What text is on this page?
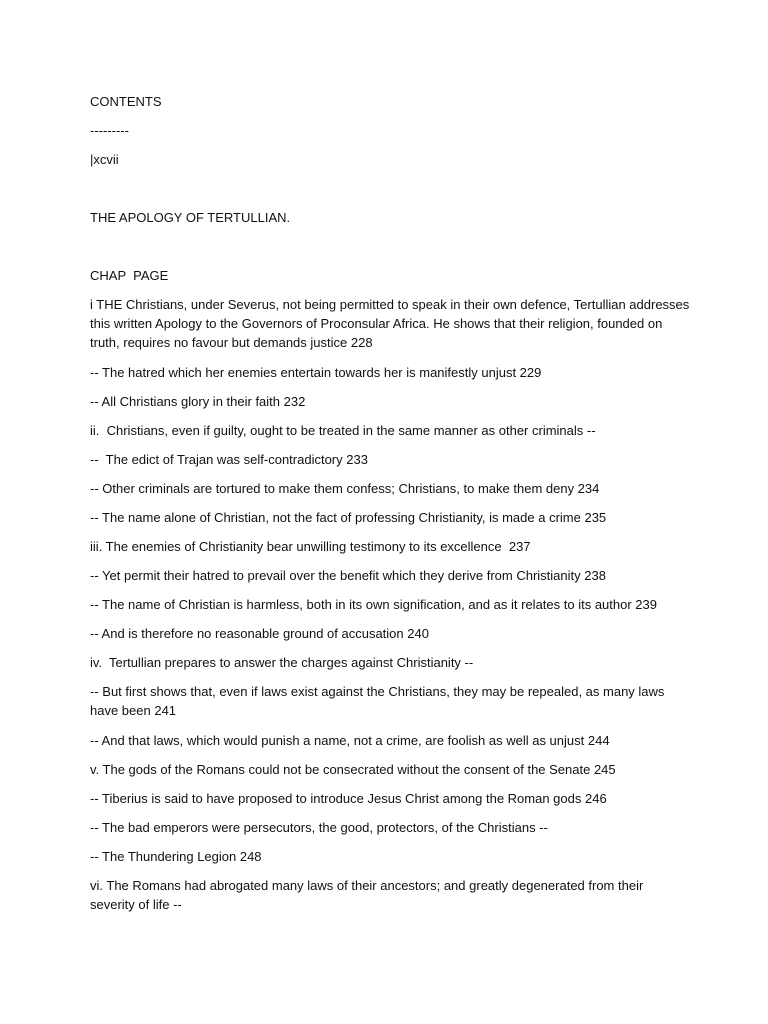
CONTENTS
---------
|xcvii
THE APOLOGY OF TERTULLIAN.
CHAP  PAGE
i THE Christians, under Severus, not being permitted to speak in their own defence, Tertullian addresses this written Apology to the Governors of Proconsular Africa. He shows that their religion, founded on truth, requires no favour but demands justice 228
-- The hatred which her enemies entertain towards her is manifestly unjust 229
-- All Christians glory in their faith 232
ii.  Christians, even if guilty, ought to be treated in the same manner as other criminals --
--  The edict of Trajan was self-contradictory 233
-- Other criminals are tortured to make them confess; Christians, to make them deny 234
-- The name alone of Christian, not the fact of professing Christianity, is made a crime 235
iii. The enemies of Christianity bear unwilling testimony to its excellence  237
-- Yet permit their hatred to prevail over the benefit which they derive from Christianity 238
-- The name of Christian is harmless, both in its own signification, and as it relates to its author 239
-- And is therefore no reasonable ground of accusation 240
iv.  Tertullian prepares to answer the charges against Christianity --
-- But first shows that, even if laws exist against the Christians, they may be repealed, as many laws have been 241
-- And that laws, which would punish a name, not a crime, are foolish as well as unjust 244
v. The gods of the Romans could not be consecrated without the consent of the Senate 245
-- Tiberius is said to have proposed to introduce Jesus Christ among the Roman gods 246
-- The bad emperors were persecutors, the good, protectors, of the Christians --
-- The Thundering Legion 248
vi. The Romans had abrogated many laws of their ancestors; and greatly degenerated from their severity of life --
